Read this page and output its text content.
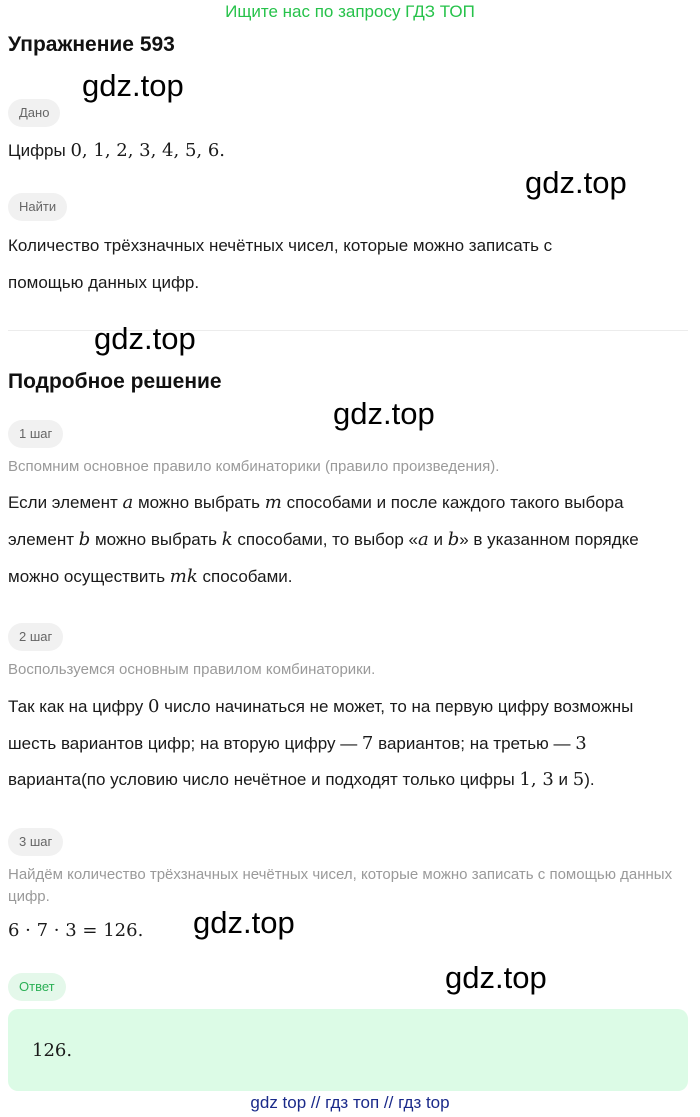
Ищите нас по запросу ГДЗ ТОП
Упражнение 593
Дано
Цифры 0, 1, 2, 3, 4, 5, 6.
Найти
Количество трёхзначных нечётных чисел, которые можно записать с
помощью данных цифр.
Подробное решение
1 шаг
Вспомним основное правило комбинаторики (правило произведения).
Если элемент a можно выбрать m способами и после каждого такого выбора
элемент b можно выбрать k способами, то выбор «a и b» в указанном порядке
можно осуществить mk способами.
2 шаг
Воспользуемся основным правилом комбинаторики.
Так как на цифру 0 число начинаться не может, то на первую цифру возможны
шесть вариантов цифр; на вторую цифру — 7 вариантов; на третью — 3
варианта(по условию число нечётное и подходят только цифры 1, 3 и 5).
3 шаг
Найдём количество трёхзначных нечётных чисел, которые можно записать с помощью данных цифр.
6 · 7 · 3 = 126.
Ответ
126.
gdz.top
gdz.top
gdz.top
gdz.top
gdz.top
gdz.top
gdz top // гдз топ // гдз top
